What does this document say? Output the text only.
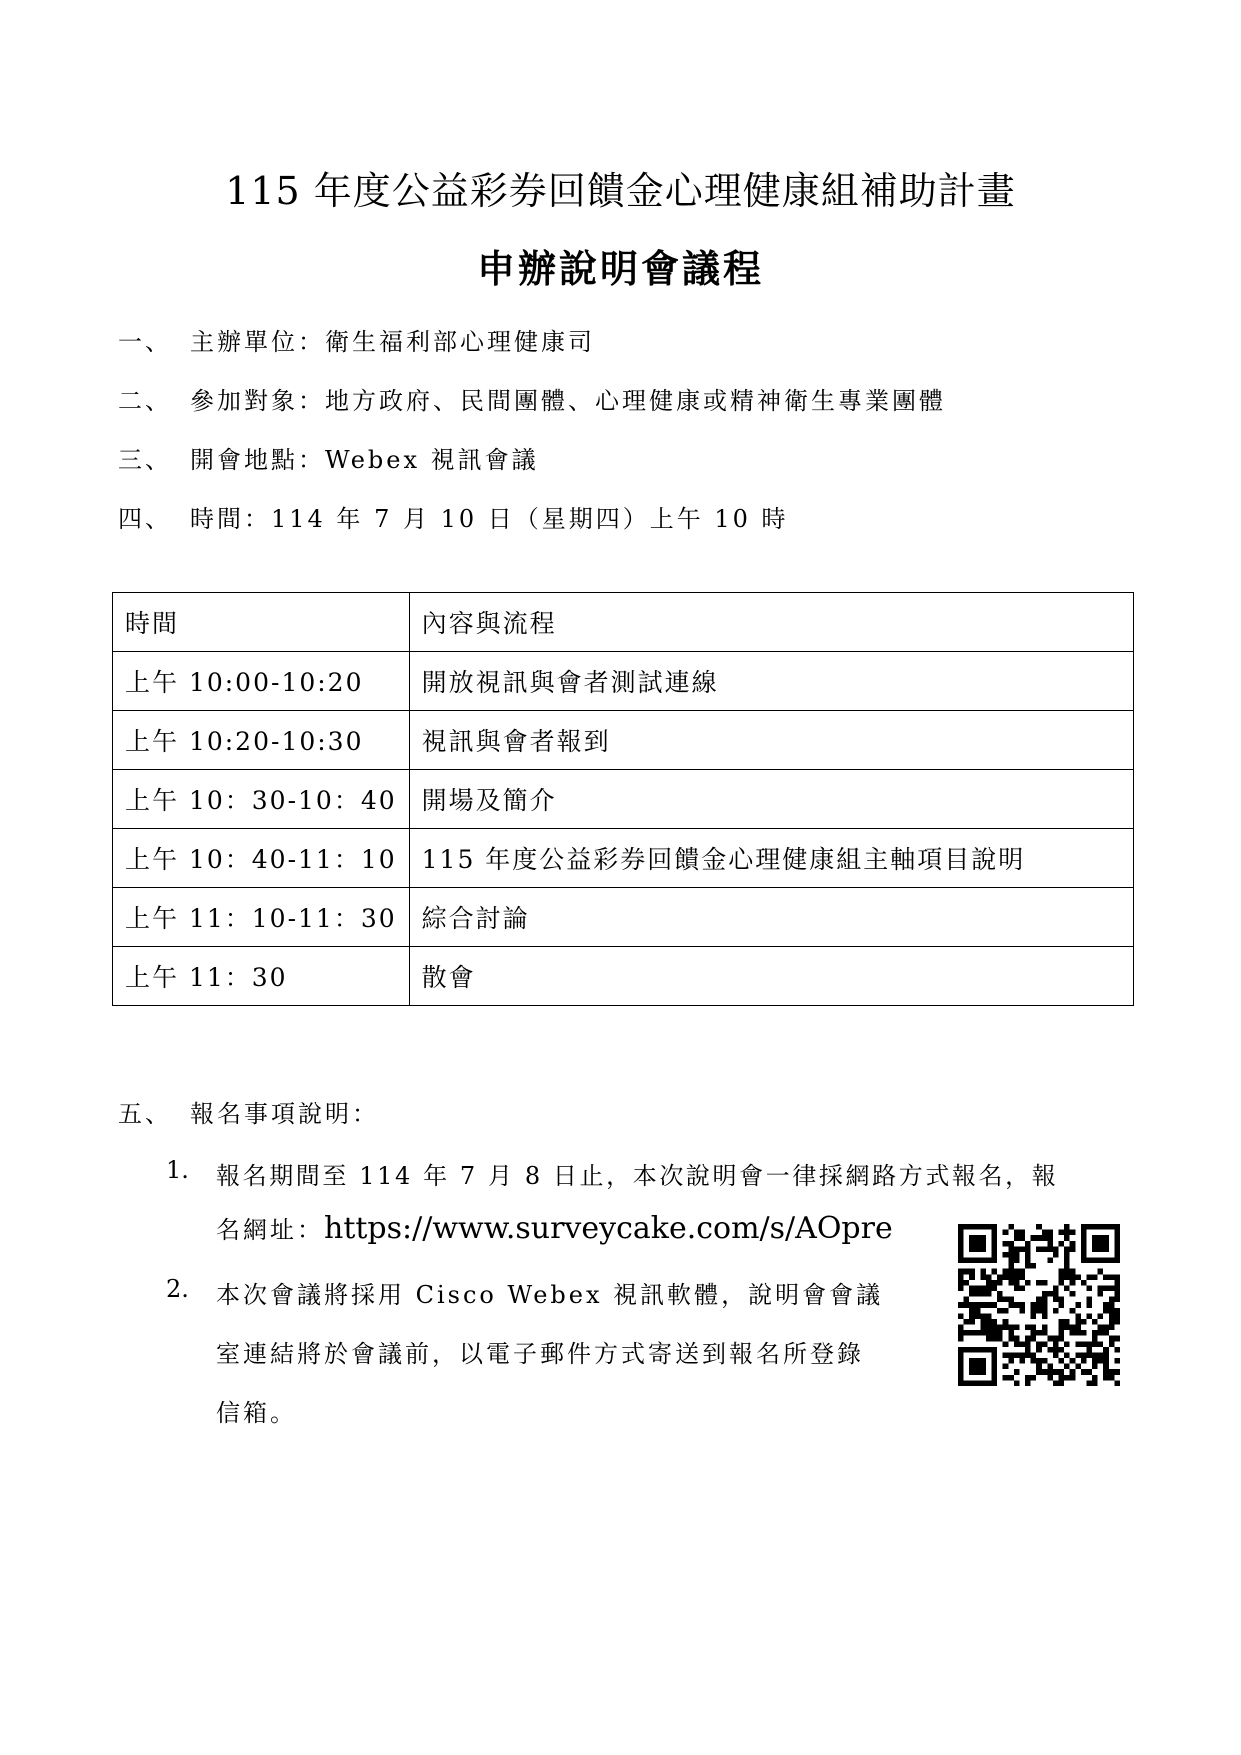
115 年度公益彩券回饋金心理健康組補助計畫
申辦說明會議程
一、 主辦單位：衛生福利部心理健康司
二、 參加對象：地方政府、民間團體、心理健康或精神衛生專業團體
三、 開會地點：Webex 視訊會議
四、 時間：114 年 7 月 10 日（星期四）上午 10 時
時間	內容與流程
上午 10:00-10:20	開放視訊與會者測試連線
上午 10:20-10:30	視訊與會者報到
上午 10：30-10：40	開場及簡介
上午 10：40-11：10	115 年度公益彩券回饋金心理健康組主軸項目說明
上午 11：10-11：30	綜合討論
上午 11：30	散會
五、 報名事項說明：
1. 報名期間至 114 年 7 月 8 日止，本次說明會一律採網路方式報名，報
名網址：https://www.surveycake.com/s/AOpre
2. 本次會議將採用 Cisco Webex 視訊軟體，說明會會議
室連結將於會議前，以電子郵件方式寄送到報名所登錄
信箱。
